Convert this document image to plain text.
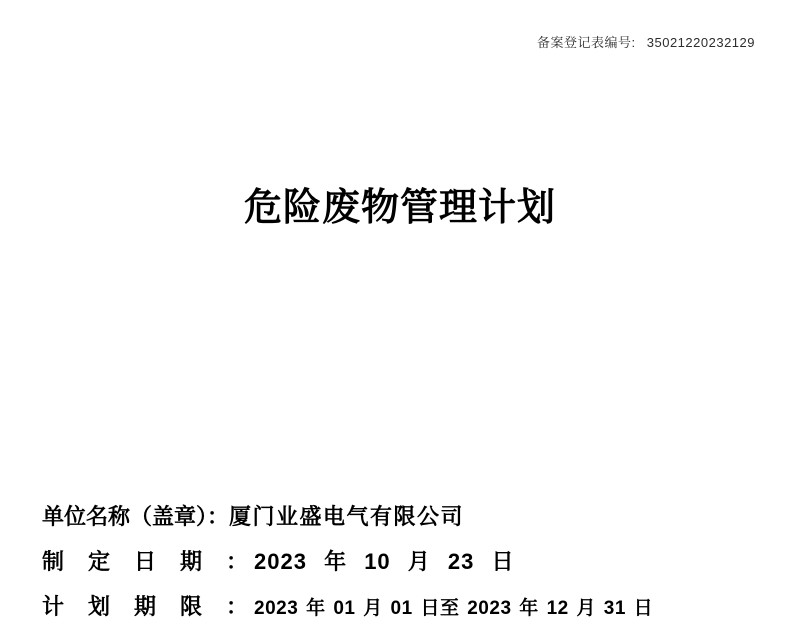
备案登记表编号: 35021220232129
危险废物管理计划
单位名称（盖章）：厦门业盛电气有限公司
制定日期： 2023 年 10 月 23 日
计划期限： 2023 年 01 月 01 日至 2023 年 12 月 31 日
